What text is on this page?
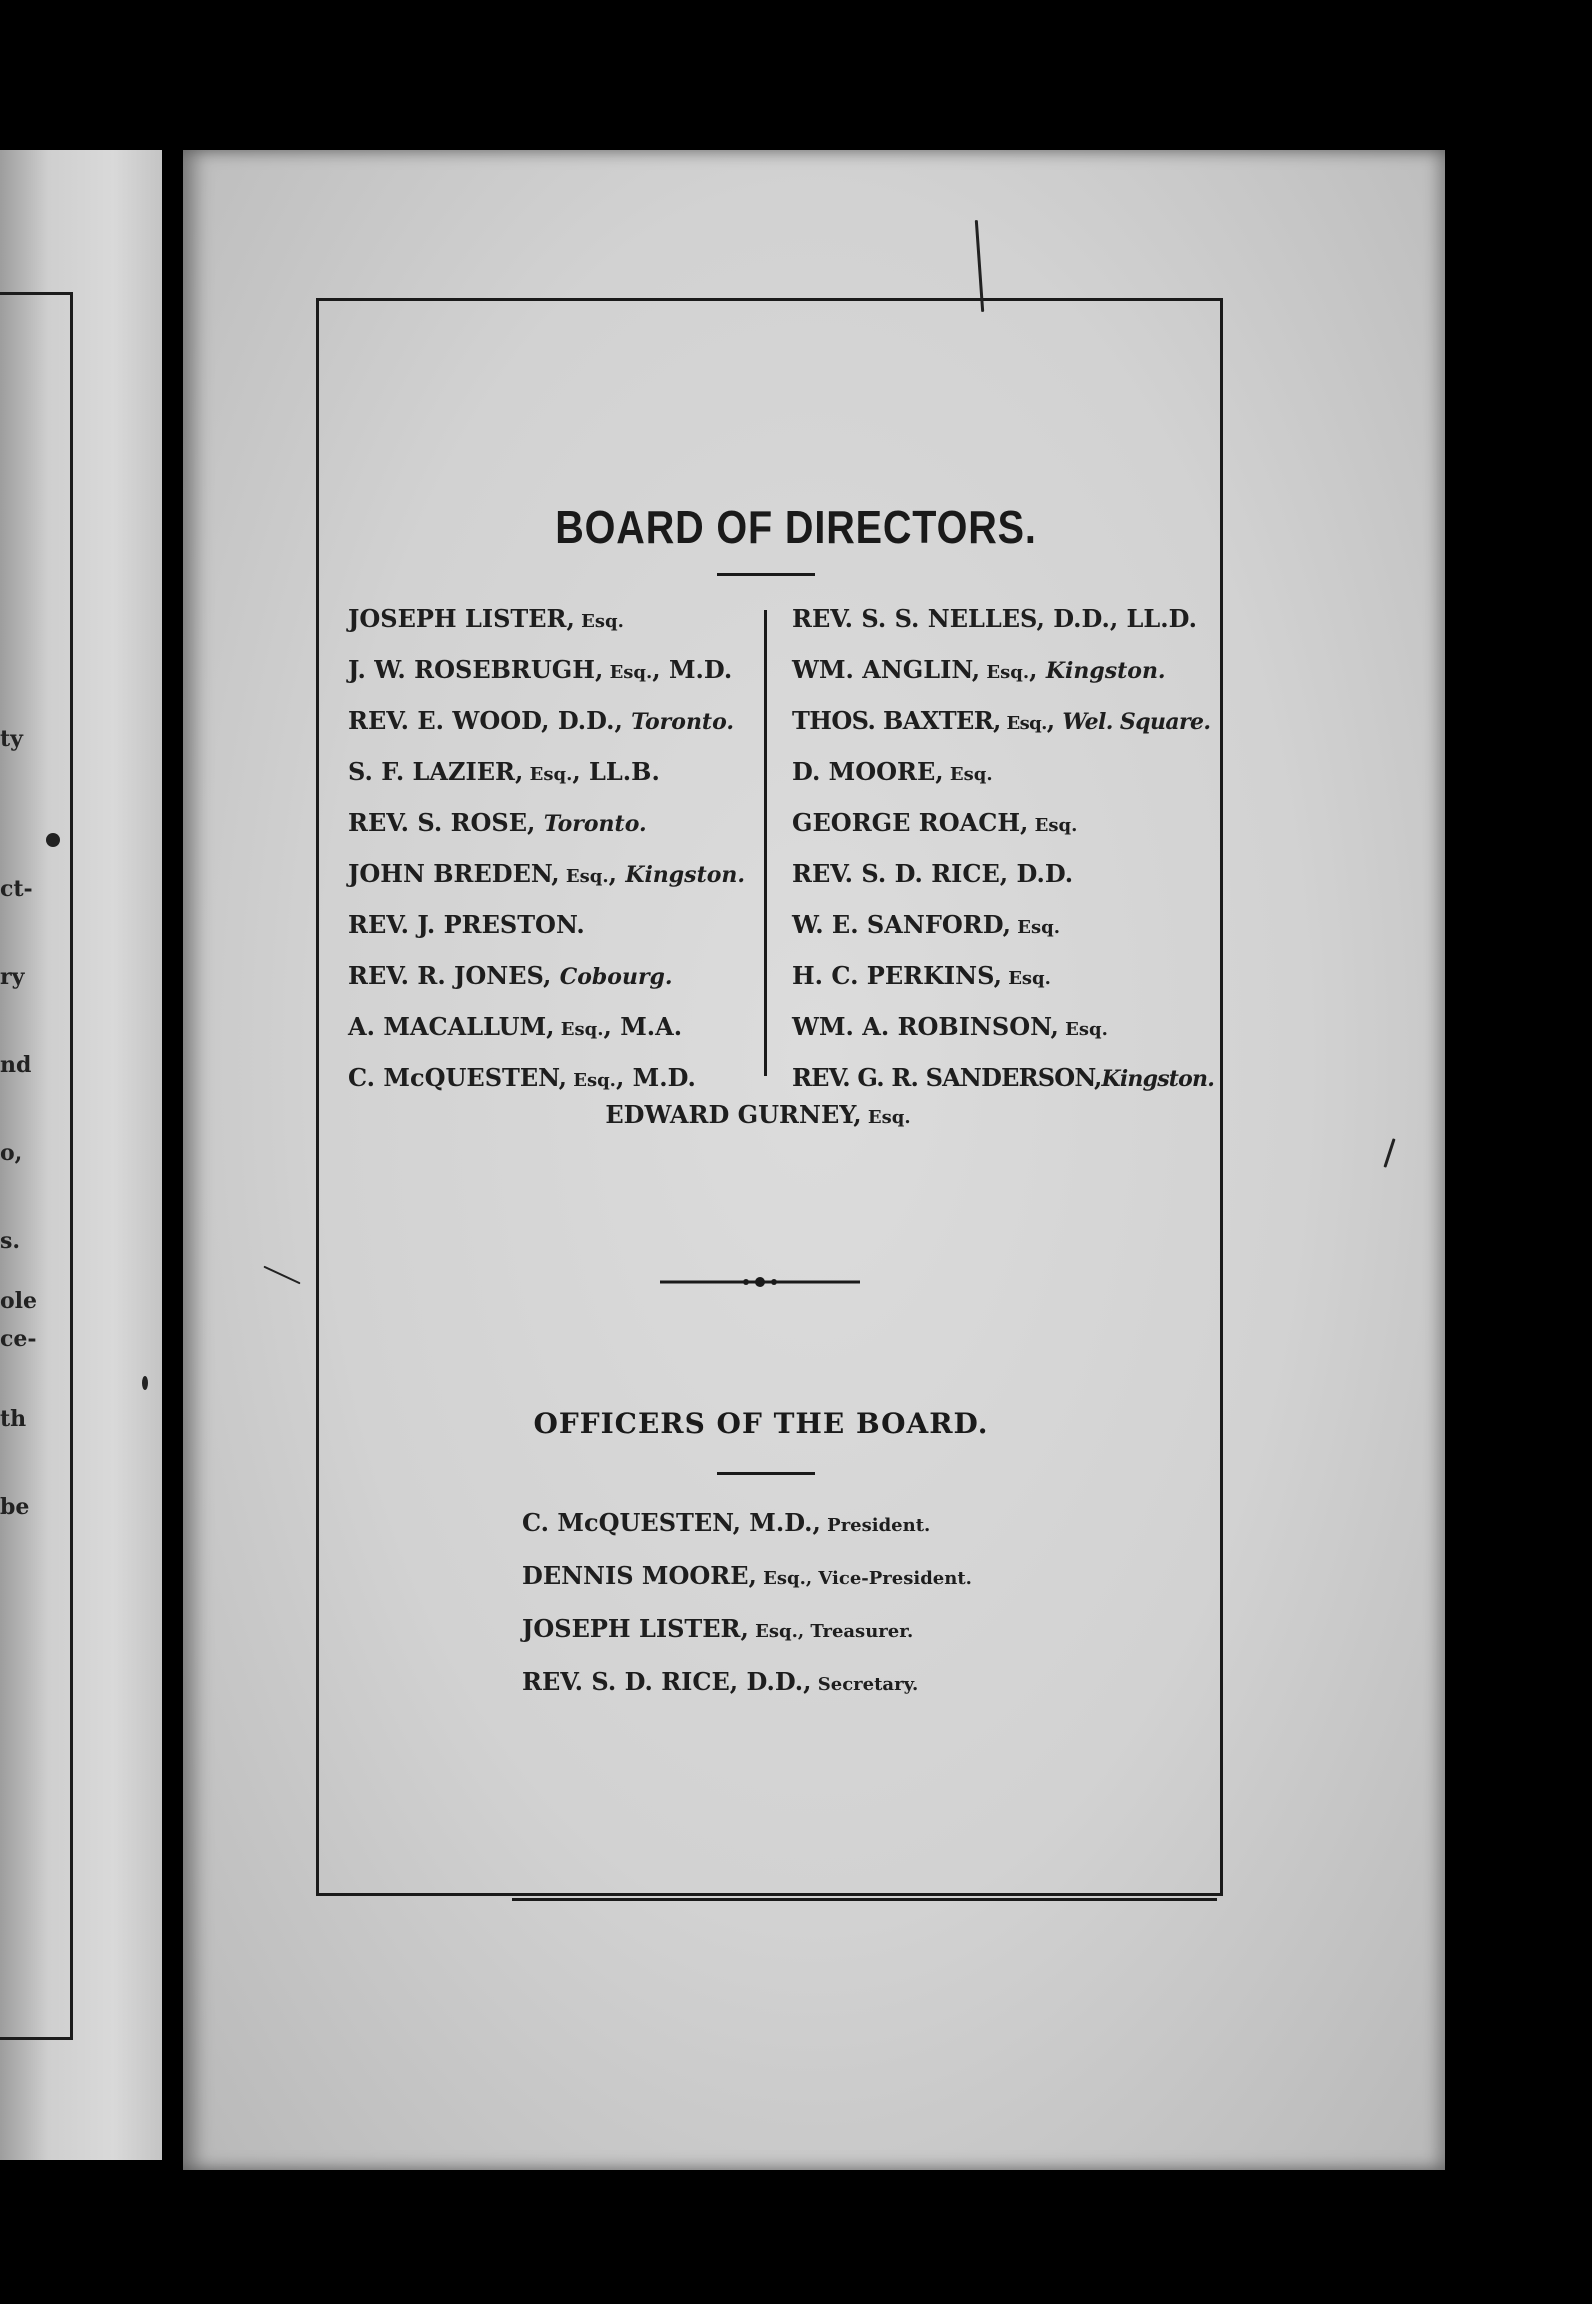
ty
ct-
ry
nd
o,
s.
ole
ce-
th
be
BOARD OF DIRECTORS.
JOSEPH LISTER, Esq.
J. W. ROSEBRUGH, Esq., M.D.
REV. E. WOOD, D.D., Toronto.
S. F. LAZIER, Esq., LL.B.
REV. S. ROSE, Toronto.
JOHN BREDEN, Esq., Kingston.
REV. J. PRESTON.
REV. R. JONES, Cobourg.
A. MACALLUM, Esq., M.A.
C. McQUESTEN, Esq., M.D.
REV. S. S. NELLES, D.D., LL.D.
WM. ANGLIN, Esq., Kingston.
THOS. BAXTER, Esq., Wel. Square.
D. MOORE, Esq.
GEORGE ROACH, Esq.
REV. S. D. RICE, D.D.
W. E. SANFORD, Esq.
H. C. PERKINS, Esq.
WM. A. ROBINSON, Esq.
REV. G. R. SANDERSON,Kingston.
EDWARD GURNEY, Esq.
OFFICERS OF THE BOARD.
C. McQUESTEN, M.D., President.
DENNIS MOORE, Esq., Vice-President.
JOSEPH LISTER, Esq., Treasurer.
REV. S. D. RICE, D.D., Secretary.
